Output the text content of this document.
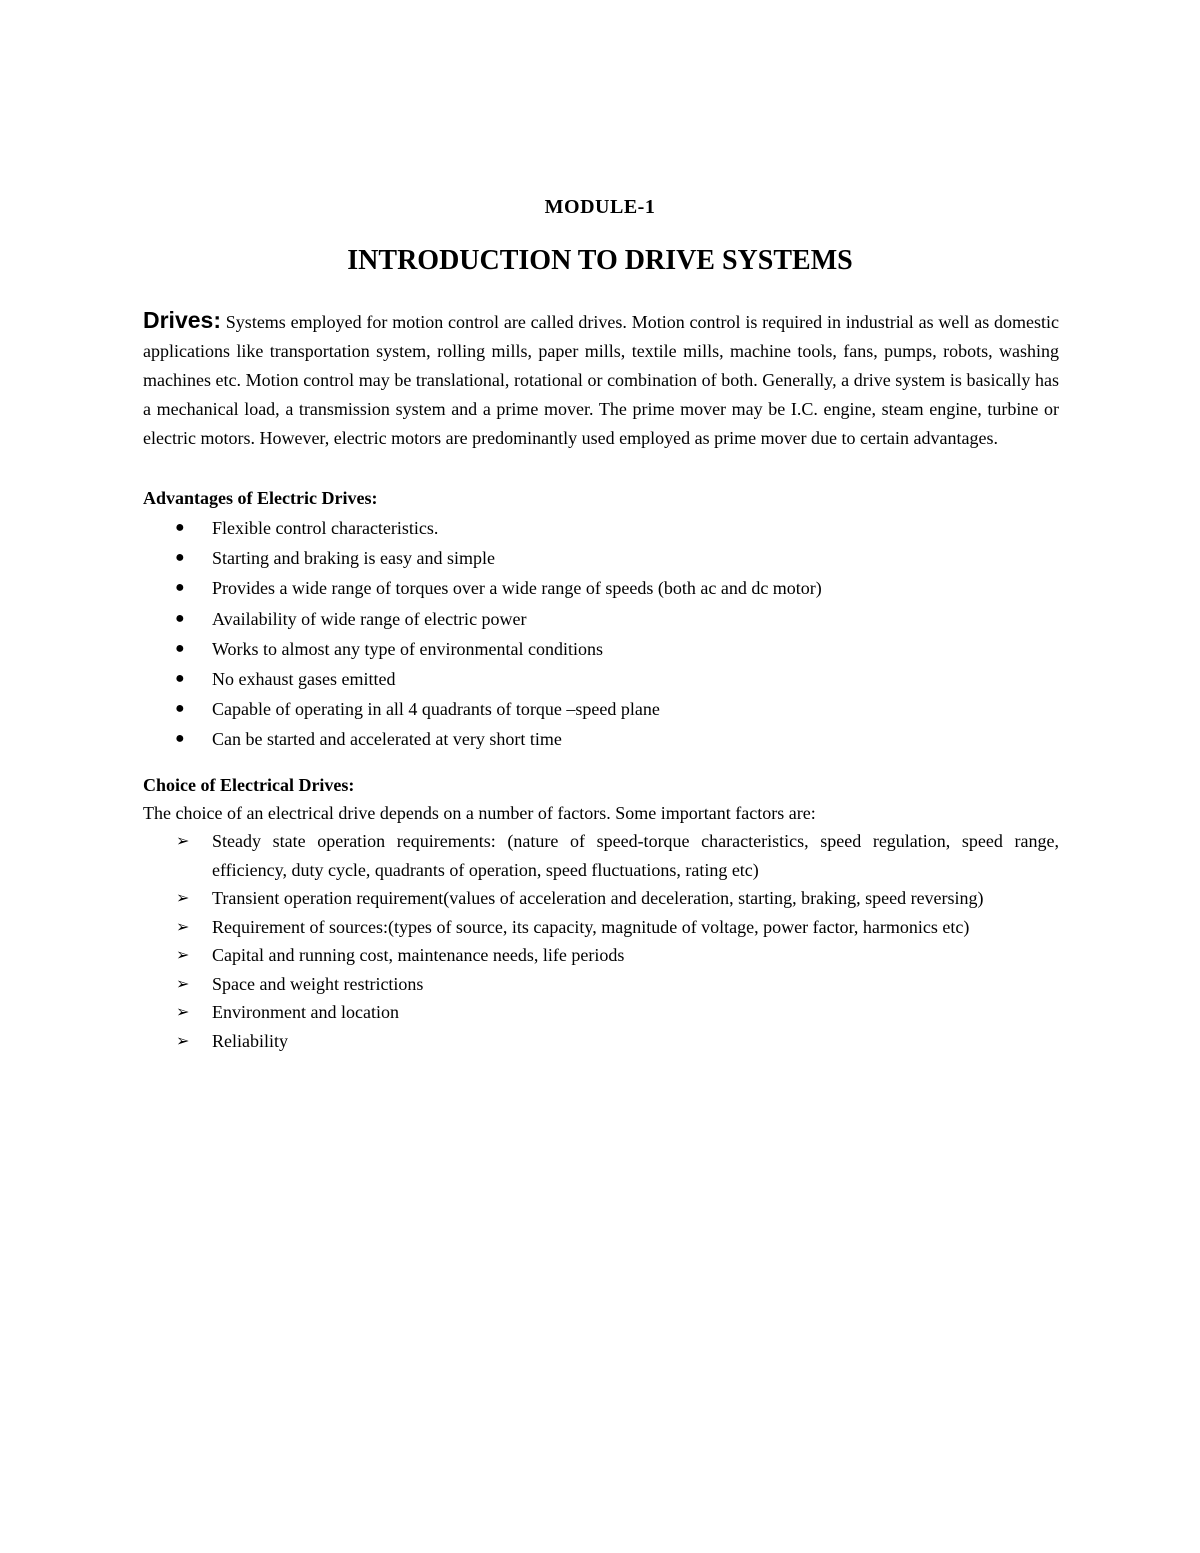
MODULE-1
INTRODUCTION TO DRIVE SYSTEMS

Drives: Systems employed for motion control are called drives. Motion control is required in industrial as well as domestic applications like transportation system, rolling mills, paper mills, textile mills, machine tools, fans, pumps, robots, washing machines etc. Motion control may be translational, rotational or combination of both. Generally, a drive system is basically has a mechanical load, a transmission system and a prime mover. The prime mover may be I.C. engine, steam engine, turbine or electric motors. However, electric motors are predominantly used employed as prime mover due to certain advantages.

Advantages of Electric Drives:
● Flexible control characteristics.
● Starting and braking is easy and simple
● Provides a wide range of torques over a wide range of speeds (both ac and dc motor)
● Availability of wide range of electric power
● Works to almost any type of environmental conditions
● No exhaust gases emitted
● Capable of operating in all 4 quadrants of torque –speed plane
● Can be started and accelerated at very short time
Choice of Electrical Drives:
The choice of an electrical drive depends on a number of factors. Some important factors are:
➢ Steady state operation requirements: (nature of speed-torque characteristics, speed regulation, speed range, efficiency, duty cycle, quadrants of operation, speed fluctuations, rating etc)
➢ Transient operation requirement(values of acceleration and deceleration, starting, braking, speed reversing)
➢ Requirement of sources:(types of source, its capacity, magnitude of voltage, power factor, harmonics etc)
➢ Capital and running cost, maintenance needs, life periods
➢ Space and weight restrictions
➢ Environment and location
➢ Reliability
